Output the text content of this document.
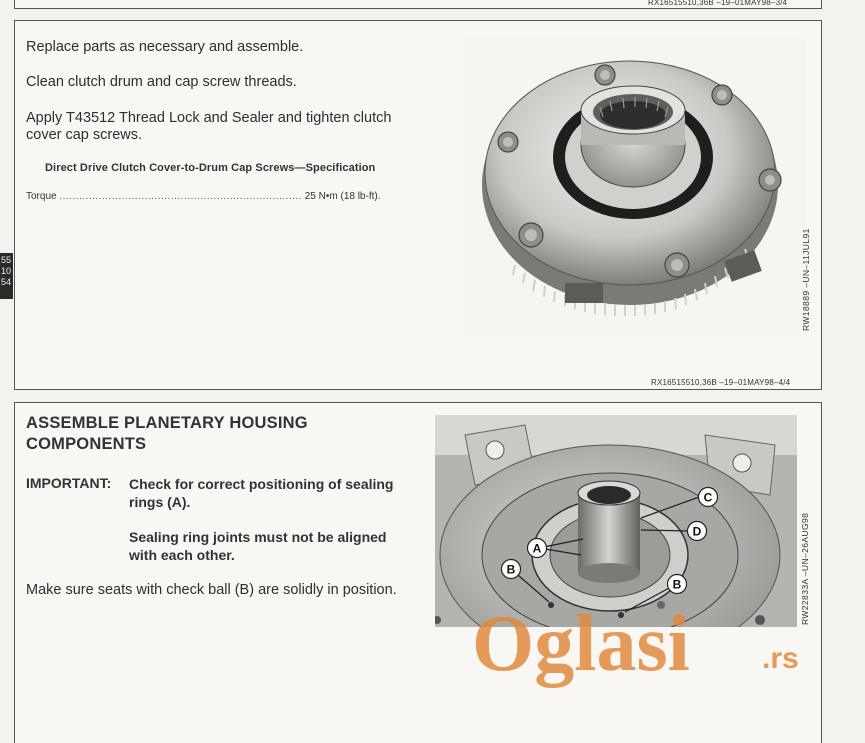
RX16515510,36B –19–01MAY98–3/4
55
10
54
Replace parts as necessary and assemble.
Clean clutch drum and cap screw threads.
Apply T43512 Thread Lock and Sealer and tighten clutch
cover cap screws.
Direct Drive Clutch Cover-to-Drum Cap Screws—Specification
Torque .......................................................................... 25 N•m (18 lb-ft).
RW18889 –UN–11JUL91
RX16515510,36B –19–01MAY98–4/4
ASSEMBLE PLANETARY HOUSING
COMPONENTS
IMPORTANT: Check for correct positioning of sealing
rings (A).
Sealing ring joints must not be aligned
with each other.
Make sure seats with check ball (B) are solidly in position.
C
D
A
B
B	RW22833A –UN–26AUG98
Oglasi .rs
